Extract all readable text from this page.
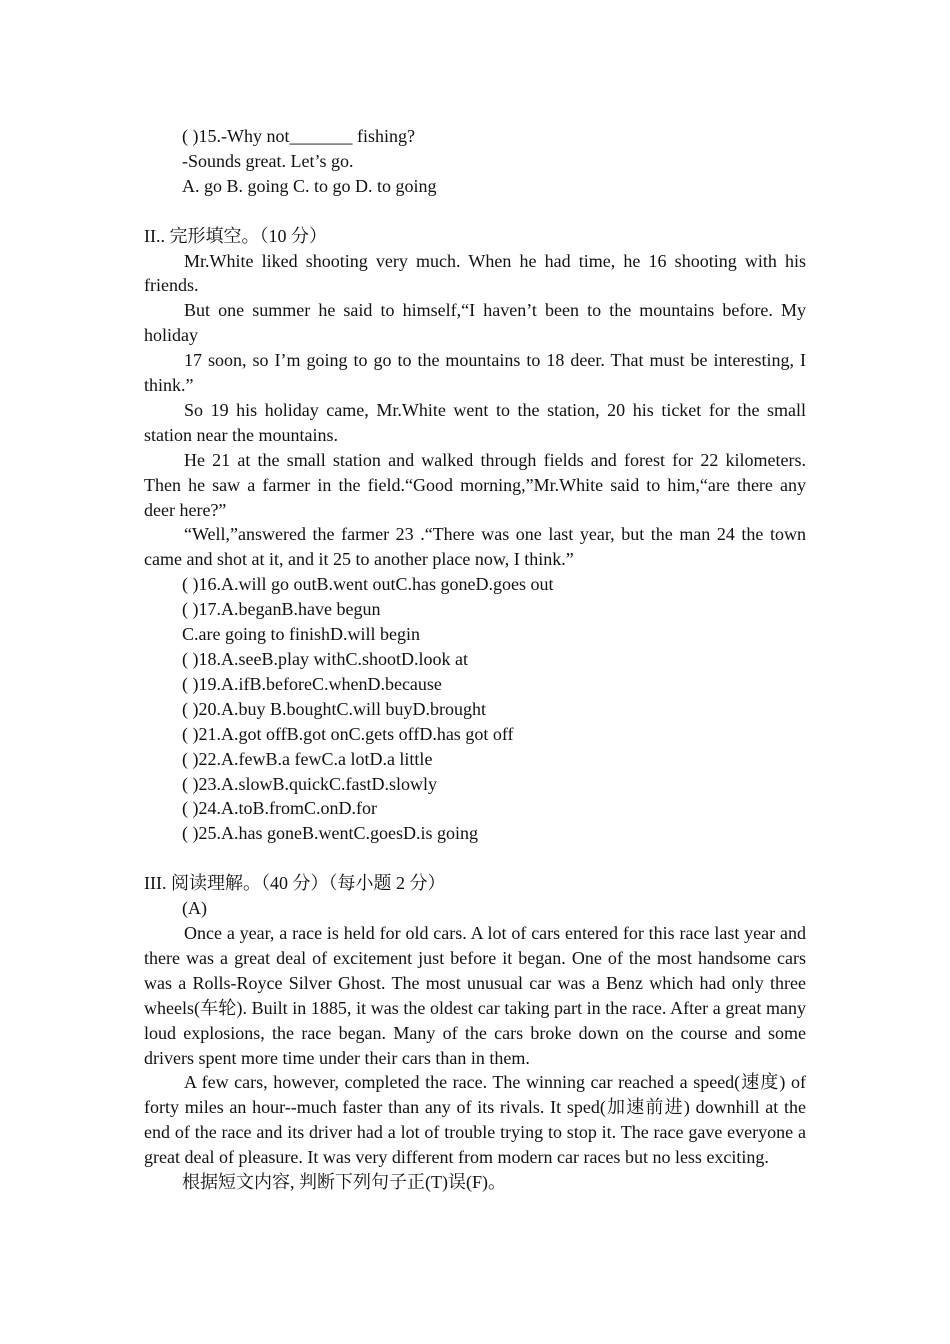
( )15.-Why not_______ fishing?

-Sounds great. Let’s go.

A. go B. going C. to go D. to going

II.. 完形填空。（10 分）

Mr.White liked shooting very much. When he had time, he 16 shooting with his friends.

But one summer he said to himself,“I haven’t been to the mountains before. My holiday

17 soon, so I’m going to go to the mountains to 18 deer. That must be interesting, I think.”

So 19 his holiday came, Mr.White went to the station, 20 his ticket for the small station near the mountains.

He 21 at the small station and walked through fields and forest for 22 kilometers. Then he saw a farmer in the field.“Good morning,”Mr.White said to him,“are there any deer here?”

“Well,”answered the farmer 23 .“There was one last year, but the man 24 the town came and shot at it, and it 25 to another place now, I think.”

( )16.A.will go outB.went outC.has goneD.goes out

( )17.A.beganB.have begun

C.are going to finishD.will begin

( )18.A.seeB.play withC.shootD.look at

( )19.A.ifB.beforeC.whenD.because

( )20.A.buy B.boughtC.will buyD.brought

( )21.A.got offB.got onC.gets offD.has got off

( )22.A.fewB.a fewC.a lotD.a little

( )23.A.slowB.quickC.fastD.slowly

( )24.A.toB.fromC.onD.for

( )25.A.has goneB.wentC.goesD.is going

III. 阅读理解。（40 分）（每小题 2 分）

(A)

Once a year, a race is held for old cars. A lot of cars entered for this race last year and there was a great deal of excitement just before it began. One of the most handsome cars was a Rolls-Royce Silver Ghost. The most unusual car was a Benz which had only three wheels(车轮). Built in 1885, it was the oldest car taking part in the race. After a great many loud explosions, the race began. Many of the cars broke down on the course and some drivers spent more time under their cars than in them.

A few cars, however, completed the race. The winning car reached a speed(速度) of forty miles an hour--much faster than any of its rivals. It sped(加速前进) downhill at the end of the race and its driver had a lot of trouble trying to stop it. The race gave everyone a great deal of pleasure. It was very different from modern car races but no less exciting.

根据短文内容, 判断下列句子正(T)误(F)。
